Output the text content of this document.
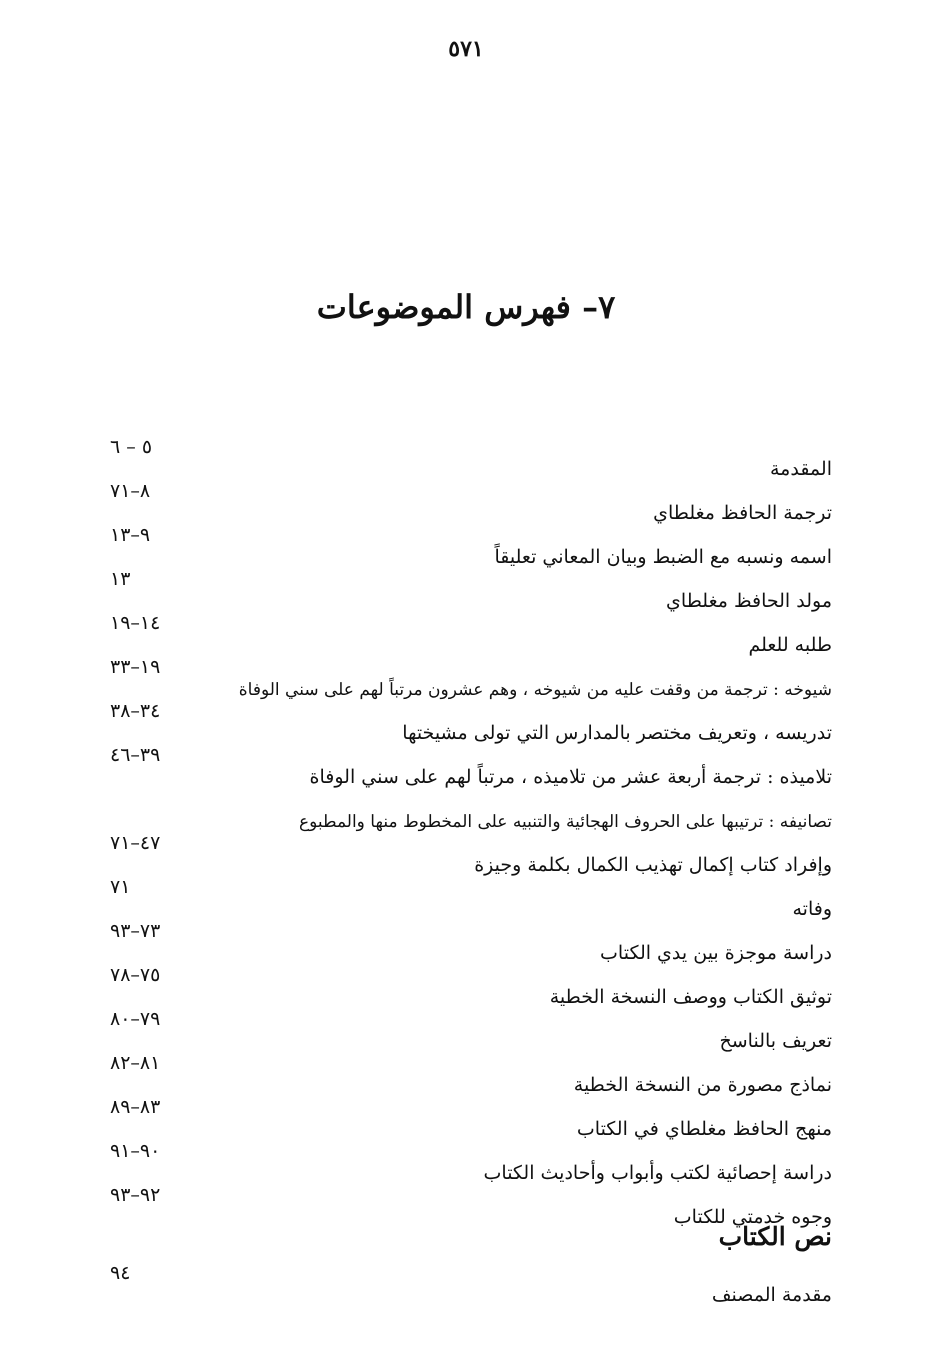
٥٧١
٧– فهرس الموضوعات
المقدمة
٥ – ٦
ترجمة الحافظ مغلطاي
٨–٧١
اسمه ونسبه مع الضبط وبيان المعاني تعليقاً
٩–١٣
مولد الحافظ مغلطاي
١٣
طلبه للعلم
١٤–١٩
شيوخه : ترجمة من وقفت عليه من شيوخه ، وهم عشرون مرتباً لهم على سني الوفاة
١٩–٣٣
تدريسه ، وتعريف مختصر بالمدارس التي تولى مشيختها
٣٤–٣٨
تلاميذه : ترجمة أربعة عشر من تلاميذه ، مرتباً لهم على سني الوفاة
٣٩–٤٦
تصانيفه : ترتيبها على الحروف الهجائية والتنبيه على المخطوط منها والمطبوع
وإفراد كتاب إكمال تهذيب الكمال بكلمة وجيزة
٤٧–٧١
وفاته
٧١
دراسة موجزة بين يدي الكتاب
٧٣–٩٣
توثيق الكتاب ووصف النسخة الخطية
٧٥–٧٨
تعريف بالناسخ
٧٩–٨٠
نماذج مصورة من النسخة الخطية
٨١–٨٢
منهج الحافظ مغلطاي في الكتاب
٨٣–٨٩
دراسة إحصائية لكتب وأبواب وأحاديث الكتاب
٩٠–٩١
وجوه خدمتي للكتاب
٩٢–٩٣
نص الكتاب
مقدمة المصنف
٩٤
